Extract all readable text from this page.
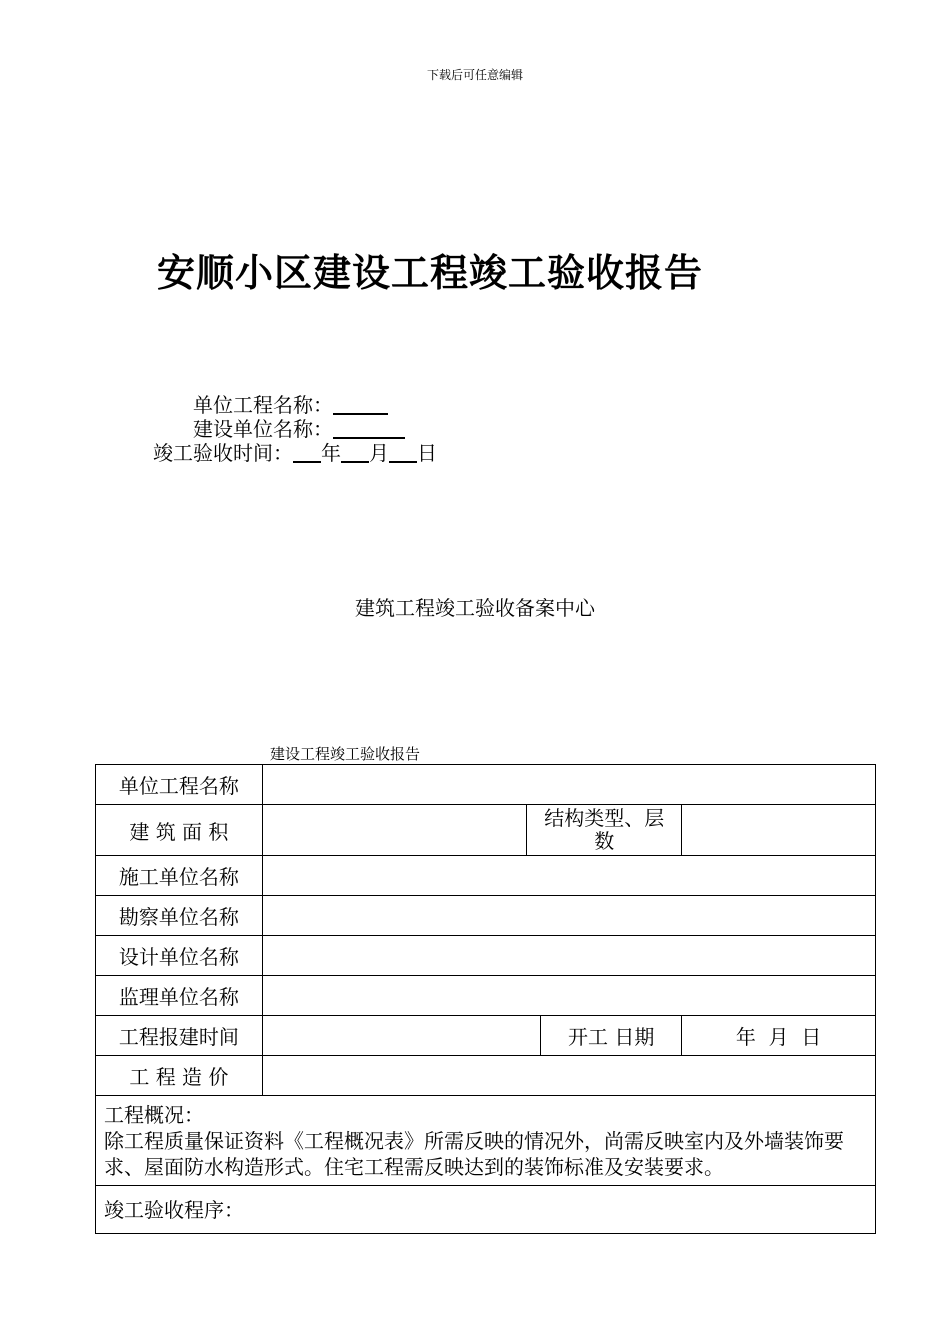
下载后可任意编辑
安顺小区建设工程竣工验收报告
单位工程名称：
建设单位名称：
竣工验收时间： 年 月 日
建筑工程竣工验收备案中心
建设工程竣工验收报告
单位工程名称				
建 筑 面 积		结构类型、层数		
施工单位名称				
勘察单位名称				
设计单位名称				
监理单位名称				
工程报建时间			开工 日期	年  月  日
工 程 造 价				

工程概况：
除工程质量保证资料《工程概况表》所需反映的情况外，尚需反映室内及外墙装饰要求、屋面防水构造形式。住宅工程需反映达到的装饰标准及安装要求。				

竣工验收程序：				
